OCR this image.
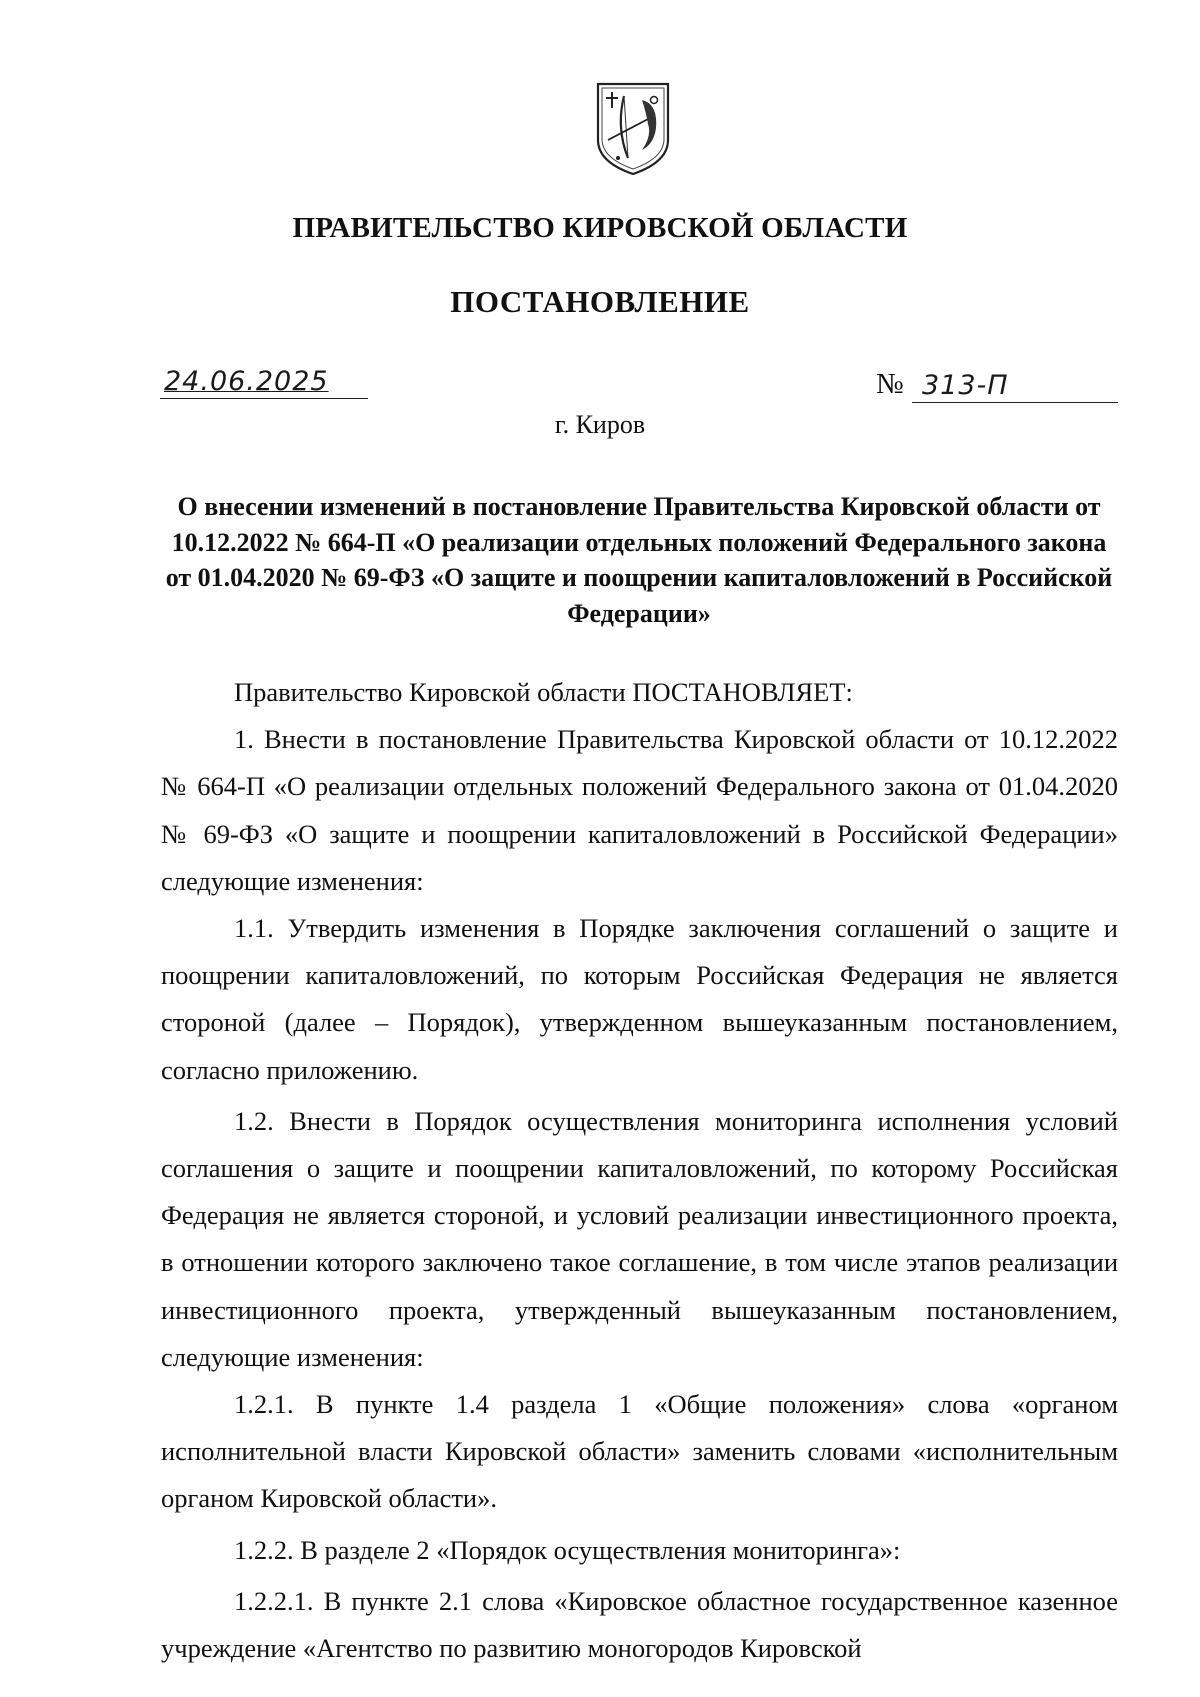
ПРАВИТЕЛЬСТВО КИРОВСКОЙ ОБЛАСТИ
ПОСТАНОВЛЕНИЕ
24.06.2025	№ 313-П
г. Киров
О внесении изменений в постановление Правительства Кировской области от 10.12.2022 № 664-П «О реализации отдельных положений Федерального закона от 01.04.2020 № 69-ФЗ «О защите и поощрении капиталовложений в Российской Федерации»

Правительство Кировской области ПОСТАНОВЛЯЕТ:

1. Внести в постановление Правительства Кировской области от 10.12.2022 № 664-П «О реализации отдельных положений Федерального закона от 01.04.2020 № 69-ФЗ «О защите и поощрении капиталовложений в Российской Федерации» следующие изменения:

1.1. Утвердить изменения в Порядке заключения соглашений о защите и поощрении капиталовложений, по которым Российская Федерация не является стороной (далее – Порядок), утвержденном вышеуказанным постановлением, согласно приложению.

1.2. Внести в Порядок осуществления мониторинга исполнения условий соглашения о защите и поощрении капиталовложений, по которому Российская Федерация не является стороной, и условий реализации инвестиционного проекта, в отношении которого заключено такое соглашение, в том числе этапов реализации инвестиционного проекта, утвержденный вышеуказанным постановлением, следующие изменения:

1.2.1. В пункте 1.4 раздела 1 «Общие положения» слова «органом исполнительной власти Кировской области» заменить словами «исполнительным органом Кировской области».

1.2.2. В разделе 2 «Порядок осуществления мониторинга»:

1.2.2.1. В пункте 2.1 слова «Кировское областное государственное казенное учреждение «Агентство по развитию моногородов Кировской
